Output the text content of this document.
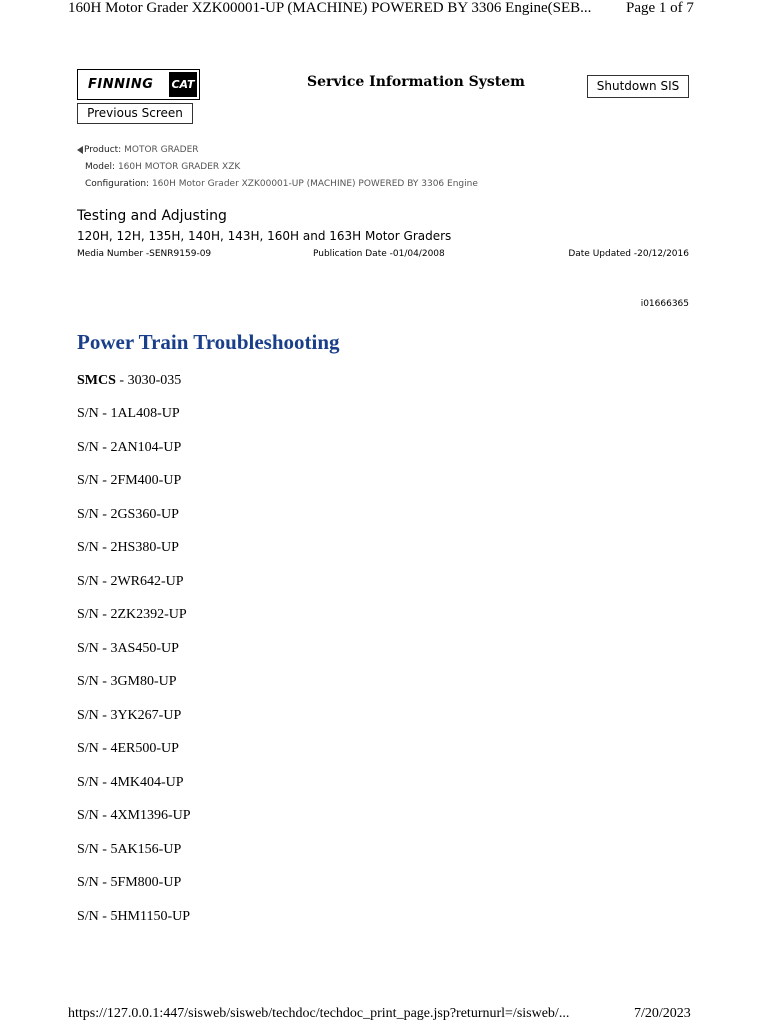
160H Motor Grader XZK00001-UP (MACHINE) POWERED BY 3306 Engine(SEB... Page 1 of 7
FINNING CAT	Service Information System	Shutdown SIS
Previous Screen
Product: MOTOR GRADER
Model: 160H MOTOR GRADER XZK
Configuration: 160H Motor Grader XZK00001-UP (MACHINE) POWERED BY 3306 Engine
Testing and Adjusting
120H, 12H, 135H, 140H, 143H, 160H and 163H Motor Graders
Media Number -SENR9159-09	Publication Date -01/04/2008	Date Updated -20/12/2016
i01666365
Power Train Troubleshooting
SMCS - 3030-035
S/N - 1AL408-UP
S/N - 2AN104-UP
S/N - 2FM400-UP
S/N - 2GS360-UP
S/N - 2HS380-UP
S/N - 2WR642-UP
S/N - 2ZK2392-UP
S/N - 3AS450-UP
S/N - 3GM80-UP
S/N - 3YK267-UP
S/N - 4ER500-UP
S/N - 4MK404-UP
S/N - 4XM1396-UP
S/N - 5AK156-UP
S/N - 5FM800-UP
S/N - 5HM1150-UP
https://127.0.0.1:447/sisweb/sisweb/techdoc/techdoc_print_page.jsp?returnurl=/sisweb/...	7/20/2023
